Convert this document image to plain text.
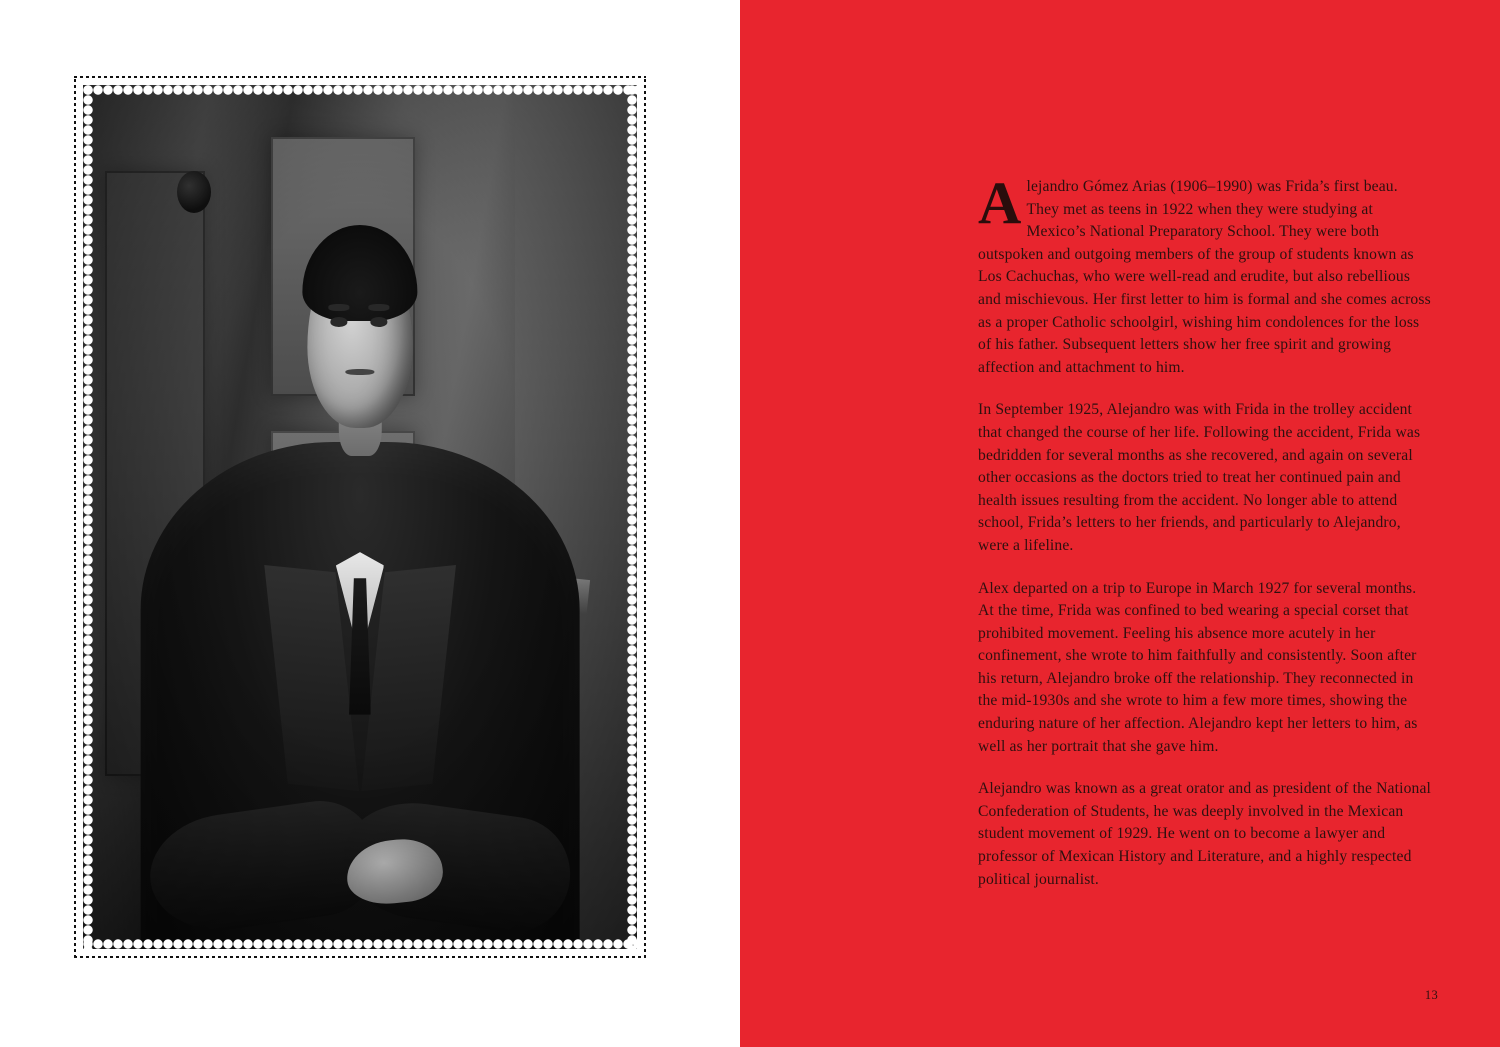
Alejandro Gómez Arias (1906–1990) was Frida’s first beau. They met as teens in 1922 when they were studying at Mexico’s National Preparatory School. They were both outspoken and outgoing members of the group of students known as Los Cachuchas, who were well-read and erudite, but also rebellious and mischievous. Her first letter to him is formal and she comes across as a proper Catholic schoolgirl, wishing him condolences for the loss of his father. Subsequent letters show her free spirit and growing affection and attachment to him.

In September 1925, Alejandro was with Frida in the trolley accident that changed the course of her life. Following the accident, Frida was bedridden for several months as she recovered, and again on several other occasions as the doctors tried to treat her continued pain and health issues resulting from the accident. No longer able to attend school, Frida’s letters to her friends, and particularly to Alejandro, were a lifeline.

Alex departed on a trip to Europe in March 1927 for several months. At the time, Frida was confined to bed wearing a special corset that prohibited movement. Feeling his absence more acutely in her confinement, she wrote to him faithfully and consistently. Soon after his return, Alejandro broke off the relationship. They reconnected in the mid-1930s and she wrote to him a few more times, showing the enduring nature of her affection. Alejandro kept her letters to him, as well as her portrait that she gave him.

Alejandro was known as a great orator and as president of the National Confederation of Students, he was deeply involved in the Mexican student movement of 1929. He went on to become a lawyer and professor of Mexican History and Literature, and a highly respected political journalist.

13
